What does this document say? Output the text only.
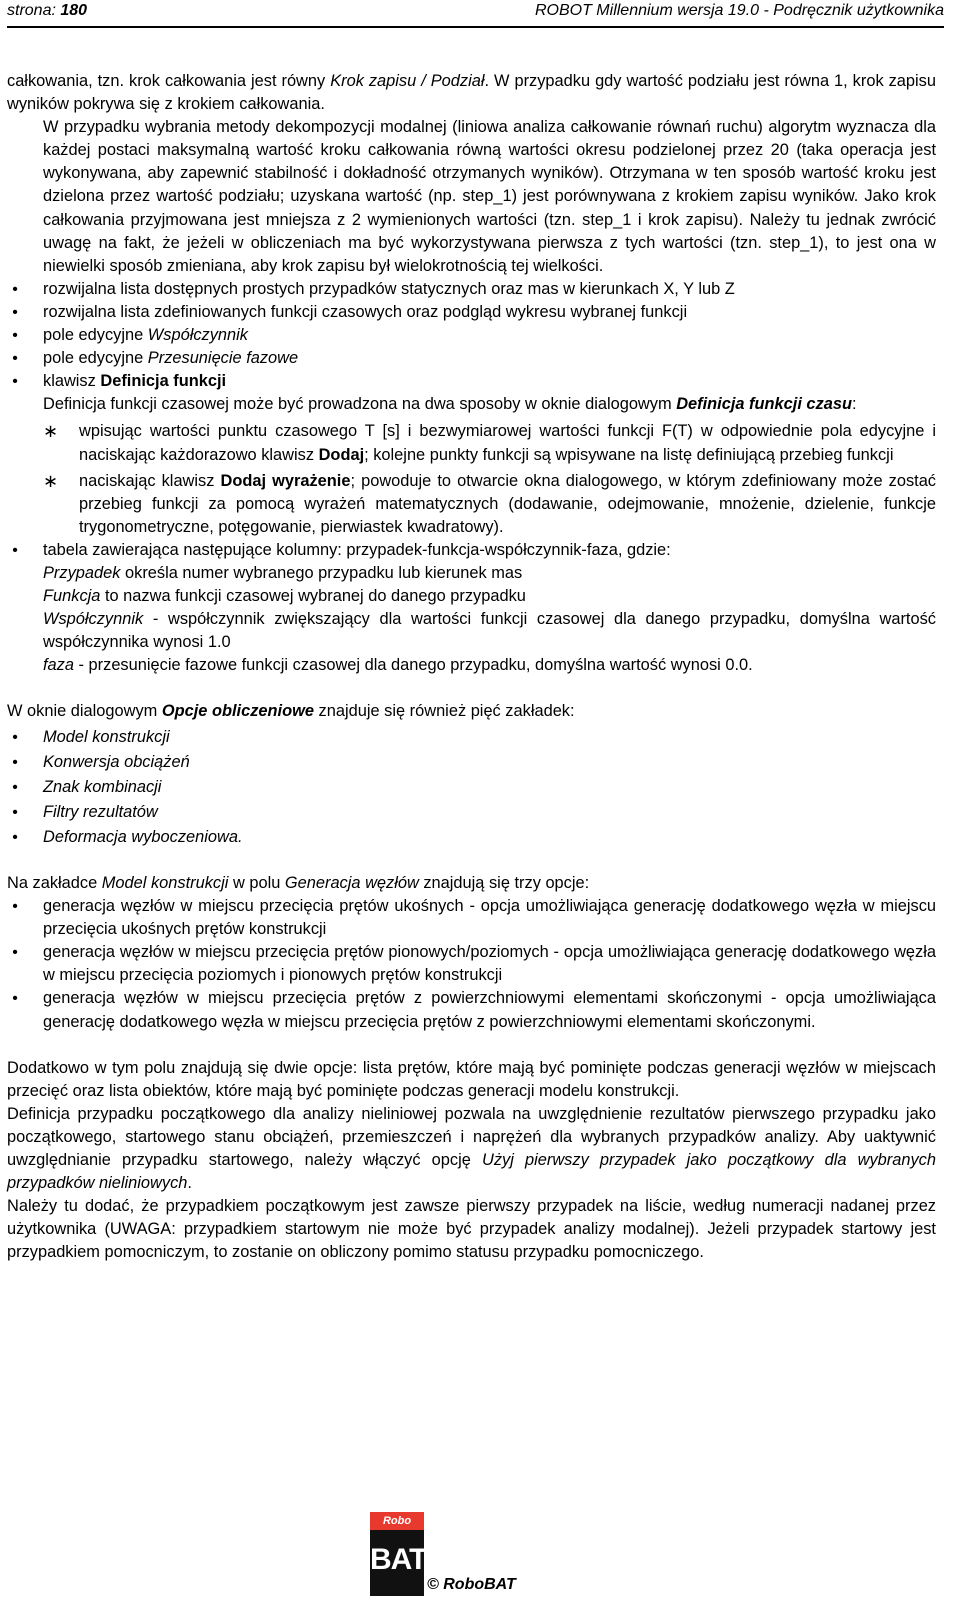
strona: 180	ROBOT Millennium wersja 19.0 - Podręcznik użytkownika

całkowania, tzn. krok całkowania jest równy Krok zapisu / Podział. W przypadku gdy wartość podziału jest równa 1, krok zapisu wyników pokrywa się z krokiem całkowania.

W przypadku wybrania metody dekompozycji modalnej (liniowa analiza całkowanie równań ruchu) algorytm wyznacza dla każdej postaci maksymalną wartość kroku całkowania równą wartości okresu podzielonej przez 20 (taka operacja jest wykonywana, aby zapewnić stabilność i dokładność otrzymanych wyników). Otrzymana w ten sposób wartość kroku jest dzielona przez wartość podziału; uzyskana wartość (np. step_1) jest porównywana z krokiem zapisu wyników. Jako krok całkowania przyjmowana jest mniejsza z 2 wymienionych wartości (tzn. step_1 i krok zapisu). Należy tu jednak zwrócić uwagę na fakt, że jeżeli w obliczeniach ma być wykorzystywana pierwsza z tych wartości (tzn. step_1), to jest ona w niewielki sposób zmieniana, aby krok zapisu był wielokrotnością tej wielkości.

• rozwijalna lista dostępnych prostych przypadków statycznych oraz mas w kierunkach X, Y lub Z
• rozwijalna lista zdefiniowanych funkcji czasowych oraz podgląd wykresu wybranej funkcji
• pole edycyjne Współczynnik
• pole edycyjne Przesunięcie fazowe
• klawisz Definicja funkcji

Definicja funkcji czasowej może być prowadzona na dwa sposoby w oknie dialogowym Definicja funkcji czasu:

∗ wpisując wartości punktu czasowego T [s] i bezwymiarowej wartości funkcji F(T) w odpowiednie pola edycyjne i naciskając każdorazowo klawisz Dodaj; kolejne punkty funkcji są wpisywane na listę definiującą przebieg funkcji
∗ naciskając klawisz Dodaj wyrażenie; powoduje to otwarcie okna dialogowego, w którym zdefiniowany może zostać przebieg funkcji za pomocą wyrażeń matematycznych (dodawanie, odejmowanie, mnożenie, dzielenie, funkcje trygonometryczne, potęgowanie, pierwiastek kwadratowy).
• tabela zawierająca następujące kolumny: przypadek-funkcja-współczynnik-faza, gdzie:

Przypadek określa numer wybranego przypadku lub kierunek mas

Funkcja to nazwa funkcji czasowej wybranej do danego przypadku

Współczynnik - współczynnik zwiększający dla wartości funkcji czasowej dla danego przypadku, domyślna wartość współczynnika wynosi 1.0

faza - przesunięcie fazowe funkcji czasowej dla danego przypadku, domyślna wartość wynosi 0.0.

W oknie dialogowym Opcje obliczeniowe znajduje się również pięć zakładek:

• Model konstrukcji
• Konwersja obciążeń
• Znak kombinacji
• Filtry rezultatów
• Deformacja wyboczeniowa.

Na zakładce Model konstrukcji w polu Generacja węzłów znajdują się trzy opcje:

• generacja węzłów w miejscu przecięcia prętów ukośnych - opcja umożliwiająca generację dodatkowego węzła w miejscu przecięcia ukośnych prętów konstrukcji
• generacja węzłów w miejscu przecięcia prętów pionowych/poziomych - opcja umożliwiająca generację dodatkowego węzła w miejscu przecięcia poziomych i pionowych prętów konstrukcji
• generacja węzłów w miejscu przecięcia prętów z powierzchniowymi elementami skończonymi - opcja umożliwiająca generację dodatkowego węzła w miejscu przecięcia prętów z powierzchniowymi elementami skończonymi.

Dodatkowo w tym polu znajdują się dwie opcje: lista prętów, które mają być pominięte podczas generacji węzłów w miejscach przecięć oraz lista obiektów, które mają być pominięte podczas generacji modelu konstrukcji.

Definicja przypadku początkowego dla analizy nieliniowej pozwala na uwzględnienie rezultatów pierwszego przypadku jako początkowego, startowego stanu obciążeń, przemieszczeń i naprężeń dla wybranych przypadków analizy. Aby uaktywnić uwzględnianie przypadku startowego, należy włączyć opcję Użyj pierwszy przypadek jako początkowy dla wybranych przypadków nieliniowych.

Należy tu dodać, że przypadkiem początkowym jest zawsze pierwszy przypadek na liście, według numeracji nadanej przez użytkownika (UWAGA: przypadkiem startowym nie może być przypadek analizy modalnej). Jeżeli przypadek startowy jest przypadkiem pomocniczym, to zostanie on obliczony pomimo statusu przypadku pomocniczego.

Robo
BAT
© RoboBAT
